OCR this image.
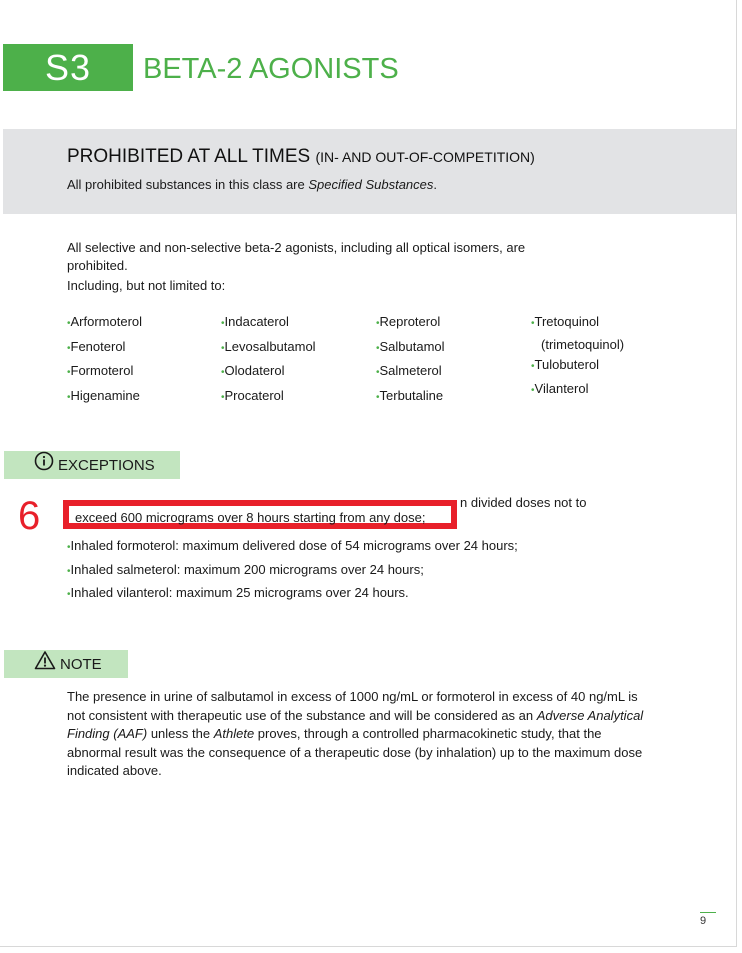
S3	BETA-2 AGONISTS
PROHIBITED AT ALL TIMES (IN- AND OUT-OF-COMPETITION)
All prohibited substances in this class are Specified Substances.
All selective and non-selective beta-2 agonists, including all optical isomers, are prohibited.
Including, but not limited to:
• Arformoterol
• Fenoterol
• Formoterol
• Higenamine
• Indacaterol
• Levosalbutamol
• Olodaterol
• Procaterol
• Reproterol
• Salbutamol
• Salmeterol
• Terbutaline
• Tretoquinol
(trimetoquinol)
• Tulobuterol
• Vilanterol
EXCEPTIONS
n divided doses not to
• Inhaled formoterol: maximum delivered dose of 54 micrograms over 24 hours;
• Inhaled salmeterol: maximum 200 micrograms over 24 hours;
• Inhaled vilanterol: maximum 25 micrograms over 24 hours.
exceed 600 micrograms over 8 hours starting from any dose;
6
NOTE
The presence in urine of salbutamol in excess of 1000 ng/mL or formoterol in excess of 40 ng/mL is not consistent with therapeutic use of the substance and will be considered as an Adverse Analytical Finding (AAF) unless the Athlete proves, through a controlled pharmacokinetic study, that the abnormal result was the consequence of a therapeutic dose (by inhalation) up to the maximum dose indicated above.
9
